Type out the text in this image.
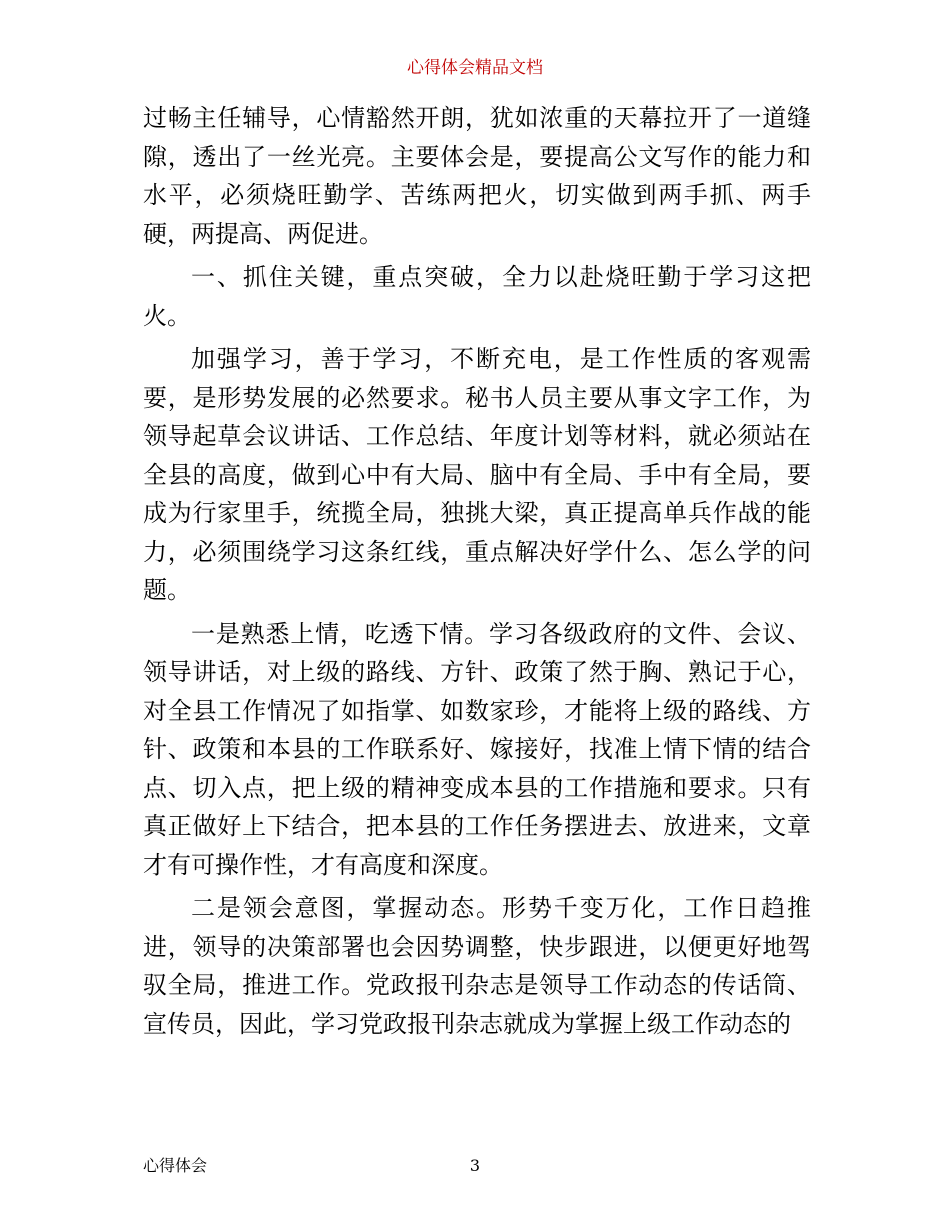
心得体会精品文档

过畅主任辅导，心情豁然开朗，犹如浓重的天幕拉开了一道缝隙，透出了一丝光亮。主要体会是，要提高公文写作的能力和水平，必须烧旺勤学、苦练两把火，切实做到两手抓、两手硬，两提高、两促进。

一、抓住关键，重点突破，全力以赴烧旺勤于学习这把火。

加强学习，善于学习，不断充电，是工作性质的客观需要，是形势发展的必然要求。秘书人员主要从事文字工作，为领导起草会议讲话、工作总结、年度计划等材料，就必须站在全县的高度，做到心中有大局、脑中有全局、手中有全局，要成为行家里手，统揽全局，独挑大梁，真正提高单兵作战的能力，必须围绕学习这条红线，重点解决好学什么、怎么学的问题。

一是熟悉上情，吃透下情。学习各级政府的文件、会议、领导讲话，对上级的路线、方针、政策了然于胸、熟记于心，对全县工作情况了如指掌、如数家珍，才能将上级的路线、方针、政策和本县的工作联系好、嫁接好，找准上情下情的结合点、切入点，把上级的精神变成本县的工作措施和要求。只有真正做好上下结合，把本县的工作任务摆进去、放进来，文章才有可操作性，才有高度和深度。

二是领会意图，掌握动态。形势千变万化，工作日趋推进，领导的决策部署也会因势调整，快步跟进，以便更好地驾驭全局，推进工作。党政报刊杂志是领导工作动态的传话筒、宣传员，因此，学习党政报刊杂志就成为掌握上级工作动态的

心得体会	3
